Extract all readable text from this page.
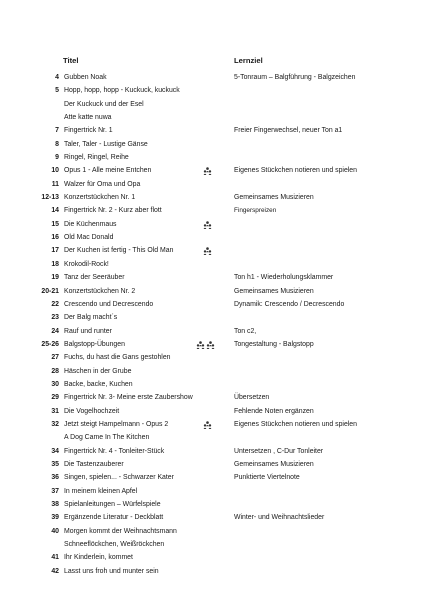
Titel	Lernziel
4 Gubben Noak	5-Tonraum – Balgführung - Balgzeichen
5 Hopp, hopp, hopp - Kuckuck, kuckuck
Der Kuckuck und der Esel
Atte katte nuwa
7 Fingertrick Nr. 1	Freier Fingerwechsel, neuer Ton a1
8 Taler, Taler - Lustige Gänse
9 Ringel, Ringel, Reihe
10 Opus 1 - Alle meine Entchen	Eigenes Stückchen notieren und spielen
11 Walzer für Oma und Opa
12-13 Konzertstückchen Nr. 1	Gemeinsames Musizieren
14 Fingertrick Nr. 2 - Kurz aber flott	Fingerspreizen
15 Die Küchenmaus
16 Old Mac Donald
17 Der Kuchen ist fertig - This Old Man
18 Krokodil-Rock!
19 Tanz der Seeräuber	Ton h1 - Wiederholungsklammer
20-21 Konzertstückchen Nr. 2	Gemeinsames Musizieren
22 Crescendo und Decrescendo	Dynamik: Crescendo / Decrescendo
23 Der Balg macht´s
24 Rauf und runter	Ton c2,
25-26 Balgstopp-Übungen	Tongestaltung - Balgstopp
27 Fuchs, du hast die Gans gestohlen
28 Häschen in der Grube
30 Backe, backe, Kuchen
29 Fingertrick Nr. 3- Meine erste Zaubershow	Übersetzen
31 Die Vogelhochzeit	Fehlende Noten ergänzen
32 Jetzt steigt Hampelmann - Opus 2	Eigenes Stückchen notieren und spielen
A Dog Came In The Kitchen
34 Fingertrick Nr. 4 - Tonleiter-Stück	Untersetzen , C-Dur Tonleiter
35 Die Tastenzauberer	Gemeinsames Musizieren
36 Singen, spielen... - Schwarzer Kater	Punktierte Viertelnote
37 In meinem kleinen Apfel
38 Spielanleitungen – Würfelspiele
39 Ergänzende Literatur - Deckblatt	Winter- und Weihnachtslieder
40 Morgen kommt der Weihnachtsmann
Schneeflöckchen, Weißröckchen
41 Ihr Kinderlein, kommet
42 Lasst uns froh und munter sein
